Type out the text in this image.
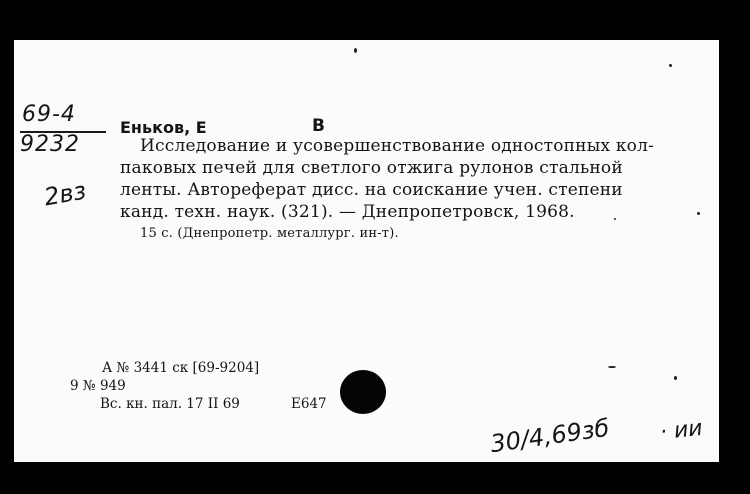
69-4
9232
2вз
Еньков, Е	В
Исследование и усовершенствование одностопных кол-
паковых печей для светлого отжига рулонов стальной
ленты. Автореферат дисс. на соискание учен. степени
канд. техн. наук. (321). — Днепропетровск, 1968.
15 с. (Днепропетр. металлург. ин-т).
А № 3441 ск [69-9204]
9 № 949
Вс. кн. пал. 17 II 69	E647
30/4,69зб · ии
